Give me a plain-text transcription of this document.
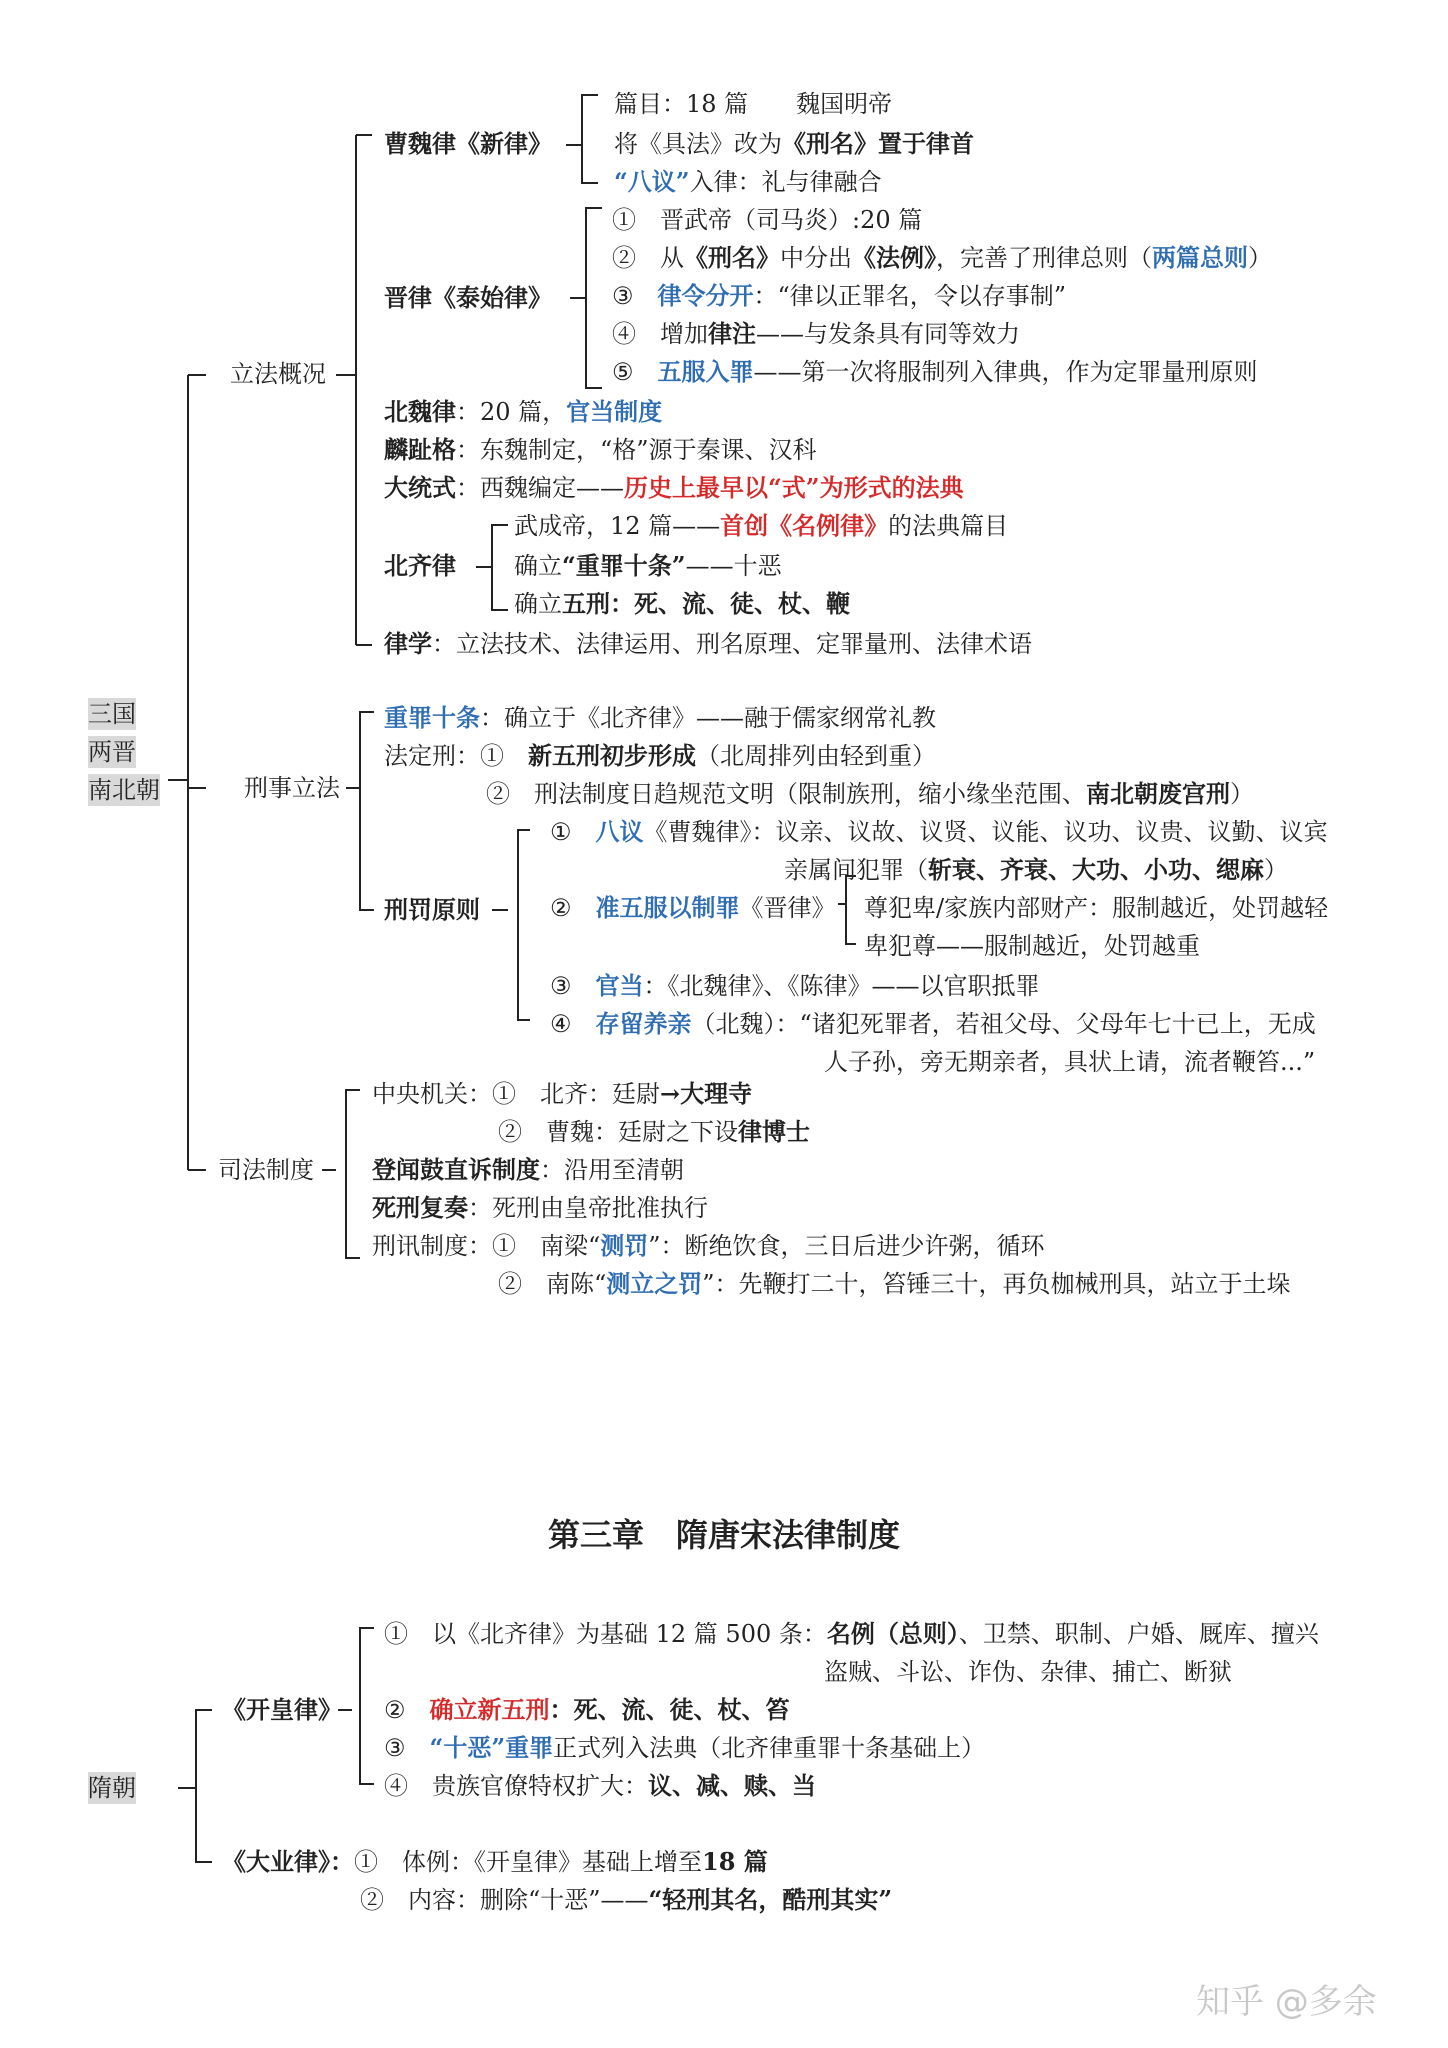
三国
两晋
南北朝
立法概况
曹魏律《新律》
篇目：18 篇　　魏国明帝
将《具法》改为《刑名》置于律首
“八议”入律：礼与律融合
晋律《泰始律》
①　 晋武帝（司马炎）:20 篇
②　 从《刑名》中分出《法例》，完善了刑律总则（两篇总则）
③　 律令分开：“律以正罪名，令以存事制”
④　 增加律注——与发条具有同等效力
⑤　 五服入罪——第一次将服制列入律典，作为定罪量刑原则
北魏律：20 篇，官当制度
麟趾格：东魏制定，“格”源于秦课、汉科
大统式：西魏编定——历史上最早以“式”为形式的法典
北齐律
武成帝，12 篇——首创《名例律》的法典篇目
确立“重罪十条”——十恶
确立五刑：死、流、徒、杖、鞭
律学：立法技术、法律运用、刑名原理、定罪量刑、法律术语
刑事立法
重罪十条：确立于《北齐律》——融于儒家纲常礼教
法定刑：①　 新五刑初步形成（北周排列由轻到重）
②　 刑法制度日趋规范文明（限制族刑，缩小缘坐范围、南北朝废宫刑）
刑罚原则
①　 八议《曹魏律》：议亲、议故、议贤、议能、议功、议贵、议勤、议宾
亲属间犯罪（斩衰、齐衰、大功、小功、缌麻）
②　 准五服以制罪《晋律》 尊犯卑/家族内部财产：服制越近，处罚越轻
卑犯尊——服制越近，处罚越重
③　 官当：《北魏律》、《陈律》——以官职抵罪
④　 存留养亲（北魏）：“诸犯死罪者，若祖父母、父母年七十已上，无成
人子孙，旁无期亲者，具状上请，流者鞭笞...”
司法制度
中央机关：①　 北齐：廷尉→大理寺
②　 曹魏：廷尉之下设律博士
登闻鼓直诉制度：沿用至清朝
死刑复奏：死刑由皇帝批准执行
刑讯制度：①　 南梁“测罚”：断绝饮食，三日后进少许粥，循环
②　 南陈“测立之罚”：先鞭打二十，笞锤三十，再负枷械刑具，站立于土垛
第三章　隋唐宋法律制度
隋朝
《开皇律》
①　 以《北齐律》为基础 12 篇 500 条：名例（总则）、卫禁、职制、户婚、厩库、擅兴
盗贼、斗讼、诈伪、杂律、捕亡、断狱
②　 确立新五刑：死、流、徒、杖、笞
③　 “十恶”重罪正式列入法典（北齐律重罪十条基础上）
④　 贵族官僚特权扩大：议、减、赎、当
《大业律》：①　 体例：《开皇律》基础上增至18 篇
②　 内容：删除“十恶”——“轻刑其名，酷刑其实”
知乎 @多余
